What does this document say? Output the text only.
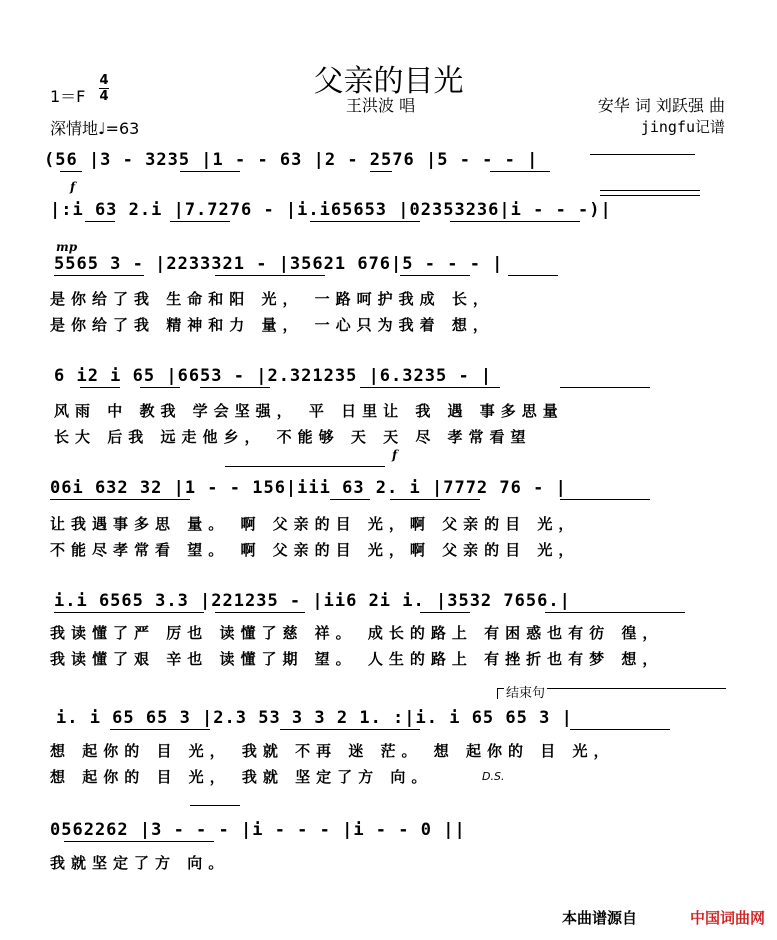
父亲的目光
1＝F
4
4
深情地♩=63
王洪波 唱	安华 词 刘跃强 曲
jingfu记谱
(56 |3 - 3235 |1 - - 63 |2 - 2576 |5 - - - |
f
|:i 63 2.i |7.7276 - |i.i65653 |02353236|i - - -)|
mp
5565 3 - |2233321 - |35621 676|5 - - - |
是你给了我 生命和阳 光， 一路呵护我成 长，
是你给了我 精神和力 量， 一心只为我着 想，
6 i2 i 65 |6653 - |2.321235 |6.3235 - |
风雨 中 教我 学会坚强， 平 日里让 我 遇 事多思量
长大 后我 远走他乡， 不能够 天 天 尽 孝常看望
f
06i 632 32 |1 - - 156|iii 63 2. i |7772 76 - |
让我遇事多思 量。 啊 父亲的目 光，啊 父亲的目 光，
不能尽孝常看 望。 啊 父亲的目 光，啊 父亲的目 光，
i.i 6565 3.3 |221235 - |ii6 2i i. |3532 7656.|
我读懂了严 厉也 读懂了慈 祥。 成长的路上 有困惑也有彷 徨，
我读懂了艰 辛也 读懂了期 望。 人生的路上 有挫折也有梦 想，
结束句
i. i 65 65 3 |2.3 53 3 3 2 1. :|i. i 65 65 3 |
想 起你的 目 光， 我就 不再 迷 茫。 想 起你的 目 光，
想 起你的 目 光， 我就 坚定了方 向。	D.S.
0562262 |3 - - - |i - - - |i - - 0 ||
我就坚定了方 向。
本曲谱源自	中国词曲网
